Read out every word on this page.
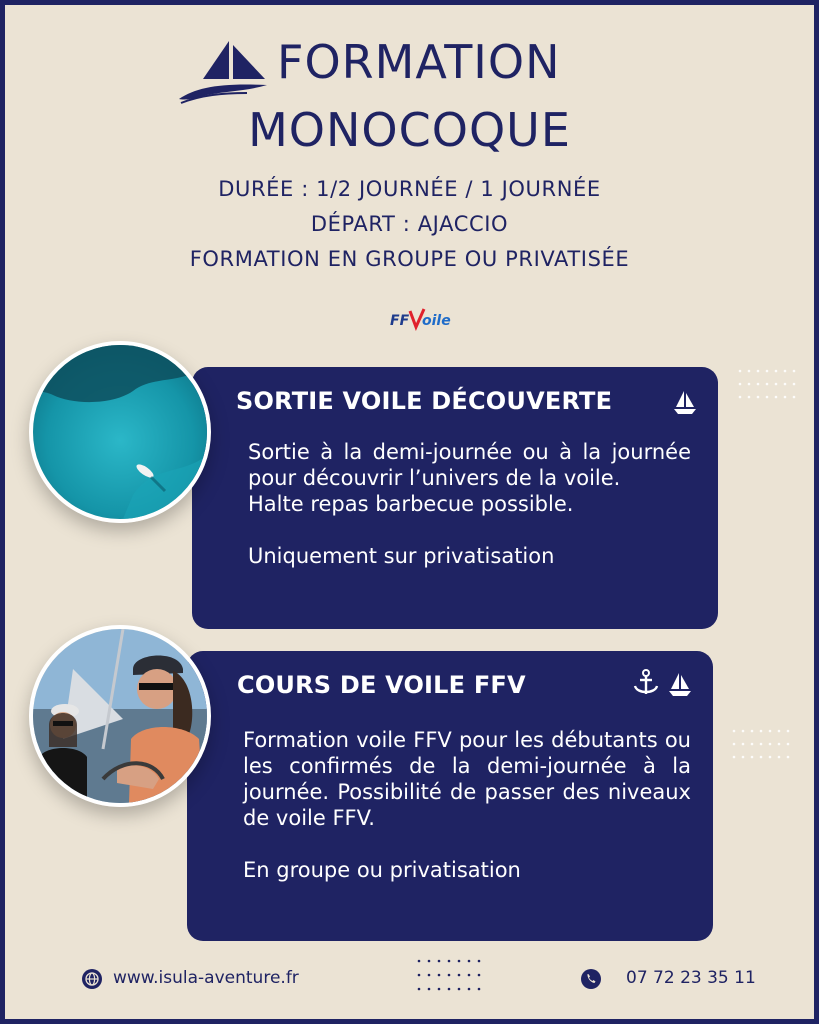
FORMATION
MONOCOQUE
DURÉE : 1/2 JOURNÉE / 1 JOURNÉE
DÉPART : AJACCIO
FORMATION EN GROUPE OU PRIVATISÉE
FF oile
SORTIE VOILE DÉCOUVERTE
Sortie à la demi-journée ou à la journée pour découvrir l’univers de la voile.
Halte repas barbecue possible.
Uniquement sur privatisation
COURS DE VOILE FFV
Formation voile FFV pour les débutants ou les confirmés de la demi-journée à la journée. Possibilité de passer des niveaux de voile FFV.
En groupe ou privatisation
www.isula-aventure.fr	07 72 23 35 11
